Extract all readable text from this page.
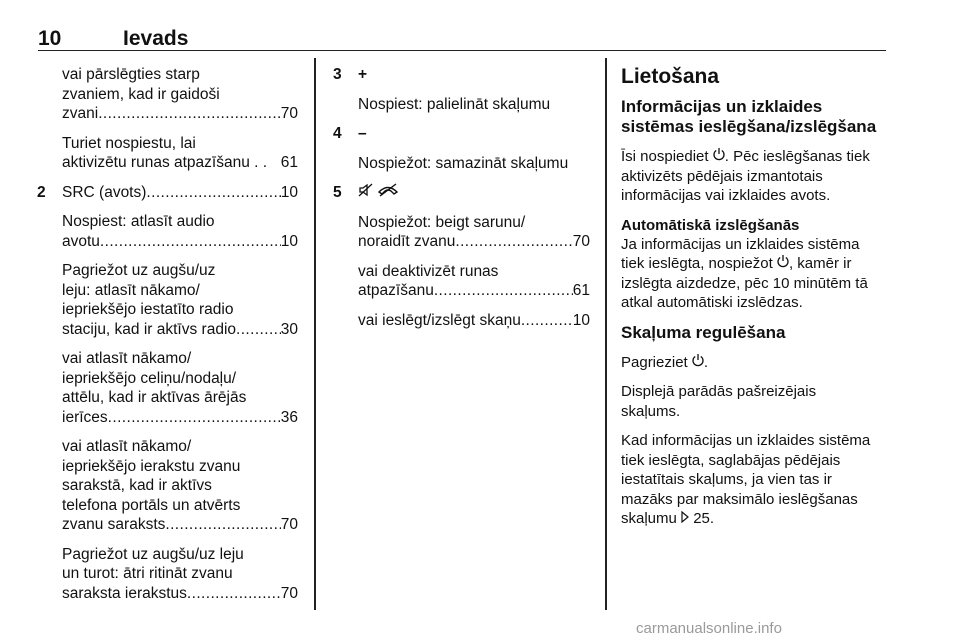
10	Ievads
vai pārslēgties starp
zvaniem, kad ir gaidoši
zvani .....	70
Turiet nospiestu, lai
aktivizētu runas atpazīšanu . . 61
2 SRC (avots) .....	10
Nospiest: atlasīt audio
avotu .....	10
Pagriežot uz augšu/uz
leju: atlasīt nākamo/
iepriekšējo iestatīto radio
staciju, kad ir aktīvs radio .....	30
vai atlasīt nākamo/
iepriekšējo celiņu/nodaļu/
attēlu, kad ir aktīvas ārējās
ierīces .....	36
vai atlasīt nākamo/
iepriekšējo ierakstu zvanu
sarakstā, kad ir aktīvs
telefona portāls un atvērts
zvanu saraksts .....	70
Pagriežot uz augšu/uz leju
un turot: ātri ritināt zvanu
saraksta ierakstus .....	70
3 +
Nospiest: palielināt skaļumu
4 –
Nospiežot: samazināt skaļumu
5

Nospiežot: beigt sarunu/
noraidīt zvanu .....	70
vai deaktivizēt runas
atpazīšanu .....	61
vai ieslēgt/izslēgt skaņu .....	10
Lietošana
Informācijas un izklaides
sistēmas ieslēgšana/izslēgšana
Īsi nospiediet . Pēc ieslēgšanas tiek
aktivizēts pēdējais izmantotais
informācijas vai izklaides avots.
Automātiskā izslēgšanās
Ja informācijas un izklaides sistēma
tiek ieslēgta, nospiežot , kamēr ir
izslēgta aizdedze, pēc 10 minūtēm tā
atkal automātiski izslēdzas.
Skaļuma regulēšana
Pagrieziet .
Displejā parādās pašreizējais
skaļums.
Kad informācijas un izklaides sistēma
tiek ieslēgta, saglabājas pēdējais
iestatītais skaļums, ja vien tas ir
mazāks par maksimālo ieslēgšanas
skaļumu  25.
carmanualsonline.info
